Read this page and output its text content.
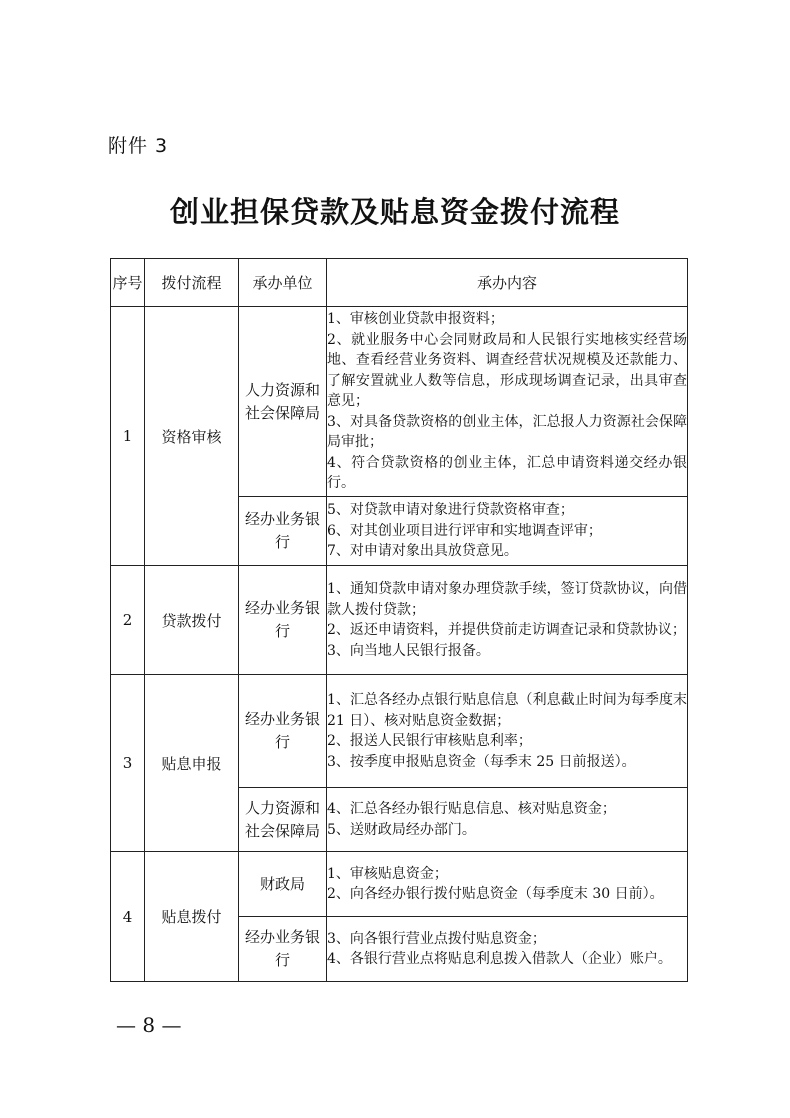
附件 3
创业担保贷款及贴息资金拨付流程
序号	拨付流程	承办单位	承办内容
1	资格审核	人力资源和社会保障局	1、审核创业贷款申报资料；
2、就业服务中心会同财政局和人民银行实地核实经营场地、查看经营业务资料、调查经营状况规模及还款能力、了解安置就业人数等信息，形成现场调查记录，出具审查意见；
3、对具备贷款资格的创业主体，汇总报人力资源社会保障局审批；
4、符合贷款资格的创业主体，汇总申请资料递交经办银行。

		经办业务银行	5、对贷款申请对象进行贷款资格审查；
6、对其创业项目进行评审和实地调查评审；
7、对申请对象出具放贷意见。

2	贷款拨付	经办业务银行	1、通知贷款申请对象办理贷款手续，签订贷款协议，向借款人拨付贷款；
2、返还申请资料，并提供贷前走访调查记录和贷款协议；
3、向当地人民银行报备。

3	贴息申报	经办业务银行	1、汇总各经办点银行贴息信息（利息截止时间为每季度末 21 日）、核对贴息资金数据；
2、报送人民银行审核贴息利率；
3、按季度申报贴息资金（每季末 25 日前报送）。

		人力资源和社会保障局	4、汇总各经办银行贴息信息、核对贴息资金；
5、送财政局经办部门。

4	贴息拨付	财政局	1、审核贴息资金；
2、向各经办银行拨付贴息资金（每季度末 30 日前）。

		经办业务银行	3、向各银行营业点拨付贴息资金；
4、各银行营业点将贴息利息拨入借款人（企业）账户。
— 8 —
